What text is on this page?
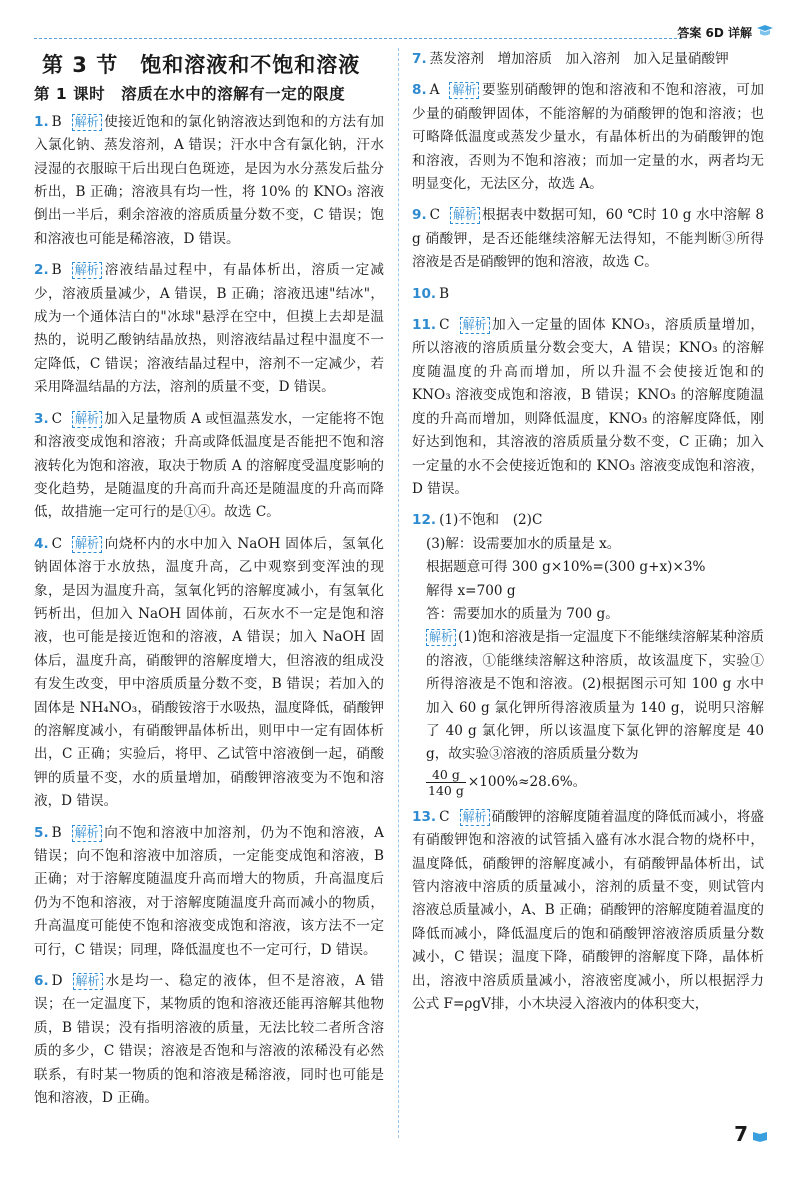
答案 6D 详解
第 3 节　饱和溶液和不饱和溶液
第 1 课时　溶质在水中的溶解有一定的限度
1. B 解析 使接近饱和的氯化钠溶液达到饱和的方法有加入氯化钠、蒸发溶剂，A 错误；汗水中含有氯化钠，汗水浸湿的衣服晾干后出现白色斑迹，是因为水分蒸发后盐分析出，B 正确；溶液具有均一性，将 10% 的 KNO₃ 溶液倒出一半后，剩余溶液的溶质质量分数不变，C 错误；饱和溶液也可能是稀溶液，D 错误。
2. B 解析 溶液结晶过程中，有晶体析出，溶质一定减少，溶液质量减少，A 错误，B 正确；溶液迅速"结冰"，成为一个通体洁白的"冰球"悬浮在空中，但摸上去却是温热的，说明乙酸钠结晶放热，则溶液结晶过程中温度不一定降低，C 错误；溶液结晶过程中，溶剂不一定减少，若采用降温结晶的方法，溶剂的质量不变，D 错误。
3. C 解析 加入足量物质 A 或恒温蒸发水，一定能将不饱和溶液变成饱和溶液；升高或降低温度是否能把不饱和溶液转化为饱和溶液，取决于物质 A 的溶解度受温度影响的变化趋势，是随温度的升高而升高还是随温度的升高而降低，故措施一定可行的是①④。故选 C。
4. C 解析 向烧杯内的水中加入 NaOH 固体后，氢氧化钠固体溶于水放热，温度升高，乙中观察到变浑浊的现象，是因为温度升高，氢氧化钙的溶解度减小，有氢氧化钙析出，但加入 NaOH 固体前，石灰水不一定是饱和溶液，也可能是接近饱和的溶液，A 错误；加入 NaOH 固体后，温度升高，硝酸钾的溶解度增大，但溶液的组成没有发生改变，甲中溶质质量分数不变，B 错误；若加入的固体是 NH₄NO₃，硝酸铵溶于水吸热，温度降低，硝酸钾的溶解度减小，有硝酸钾晶体析出，则甲中一定有固体析出，C 正确；实验后，将甲、乙试管中溶液倒一起，硝酸钾的质量不变，水的质量增加，硝酸钾溶液变为不饱和溶液，D 错误。
5. B 解析 向不饱和溶液中加溶剂，仍为不饱和溶液，A 错误；向不饱和溶液中加溶质，一定能变成饱和溶液，B 正确；对于溶解度随温度升高而增大的物质，升高温度后仍为不饱和溶液，对于溶解度随温度升高而减小的物质，升高温度可能使不饱和溶液变成饱和溶液，该方法不一定可行，C 错误；同理，降低温度也不一定可行，D 错误。
6. D 解析 水是均一、稳定的液体，但不是溶液，A 错误；在一定温度下，某物质的饱和溶液还能再溶解其他物质，B 错误；没有指明溶液的质量，无法比较二者所含溶质的多少，C 错误；溶液是否饱和与溶液的浓稀没有必然联系，有时某一物质的饱和溶液是稀溶液，同时也可能是饱和溶液，D 正确。
7. 蒸发溶剂　增加溶质　加入溶剂　加入足量硝酸钾
8. A 解析 要鉴别硝酸钾的饱和溶液和不饱和溶液，可加少量的硝酸钾固体，不能溶解的为硝酸钾的饱和溶液；也可略降低温度或蒸发少量水，有晶体析出的为硝酸钾的饱和溶液，否则为不饱和溶液；而加一定量的水，两者均无明显变化，无法区分，故选 A。
9. C 解析 根据表中数据可知，60 ℃时 10 g 水中溶解 8 g 硝酸钾，是否还能继续溶解无法得知，不能判断③所得溶液是否是硝酸钾的饱和溶液，故选 C。
10. B
11. C 解析 加入一定量的固体 KNO₃，溶质质量增加，所以溶液的溶质质量分数会变大，A 错误；KNO₃ 的溶解度随温度的升高而增加，所以升温不会使接近饱和的 KNO₃ 溶液变成饱和溶液，B 错误；KNO₃ 的溶解度随温度的升高而增加，则降低温度，KNO₃ 的溶解度降低，刚好达到饱和，其溶液的溶质质量分数不变，C 正确；加入一定量的水不会使接近饱和的 KNO₃ 溶液变成饱和溶液，D 错误。
12. (1)不饱和　(2)C
(3)解：设需要加水的质量是 x。
根据题意可得 300 g×10%=(300 g+x)×3%
解得 x=700 g
答：需要加水的质量为 700 g。
解析 (1)饱和溶液是指一定温度下不能继续溶解某种溶质的溶液，①能继续溶解这种溶质，故该温度下，实验①所得溶液是不饱和溶液。(2)根据图示可知 100 g 水中加入 60 g 氯化钾所得溶液质量为 140 g，说明只溶解了 40 g 氯化钾，所以该温度下氯化钾的溶解度是 40 g，故实验③溶液的溶质质量分数为

$\frac{40 g}{140 g} \times 100\%\approx 28.6\%$。
13. C 解析 硝酸钾的溶解度随着温度的降低而减小，将盛有硝酸钾饱和溶液的试管插入盛有冰水混合物的烧杯中，温度降低，硝酸钾的溶解度减小，有硝酸钾晶体析出，试管内溶液中溶质的质量减小，溶剂的质量不变，则试管内溶液总质量减小，A、B 正确；硝酸钾的溶解度随着温度的降低而减小，降低温度后的饱和硝酸钾溶液溶质质量分数减小，C 错误；温度下降，硝酸钾的溶解度下降，晶体析出，溶液中溶质质量减小，溶液密度减小，所以根据浮力公式 F=ρgV排，小木块浸入溶液内的体积变大，
7
